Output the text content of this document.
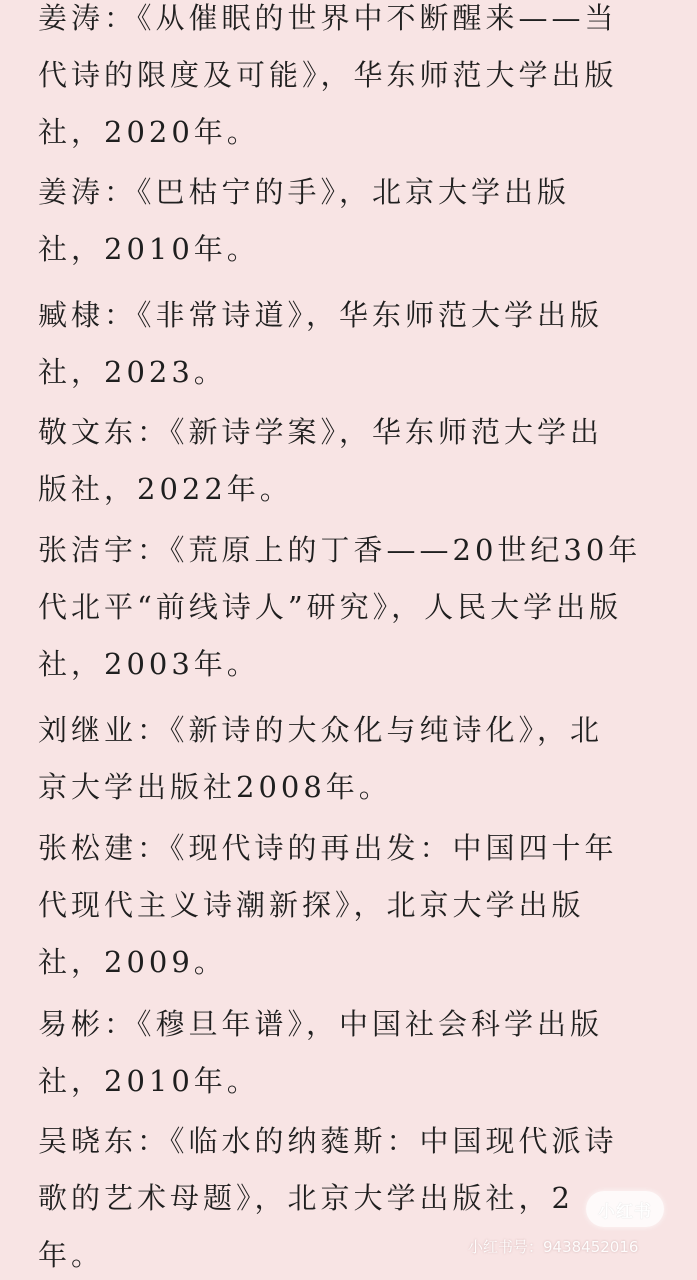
姜涛：《从催眠的世界中不断醒来——当
代诗的限度及可能》，华东师范大学出版
社，2020年。
姜涛：《巴枯宁的手》，北京大学出版
社，2010年。
臧棣：《非常诗道》，华东师范大学出版
社，2023。
敬文东：《新诗学案》，华东师范大学出
版社，2022年。
张洁宇：《荒原上的丁香——20世纪30年
代北平“前线诗人”研究》，人民大学出版
社，2003年。
刘继业：《新诗的大众化与纯诗化》，北
京大学出版社2008年。
张松建：《现代诗的再出发：中国四十年
代现代主义诗潮新探》，北京大学出版
社，2009。
易彬：《穆旦年谱》，中国社会科学出版
社，2010年。
吴晓东：《临水的纳蕤斯：中国现代派诗
歌的艺术母题》，北京大学出版社，2
年。
小红书
小红书号：9438452016
